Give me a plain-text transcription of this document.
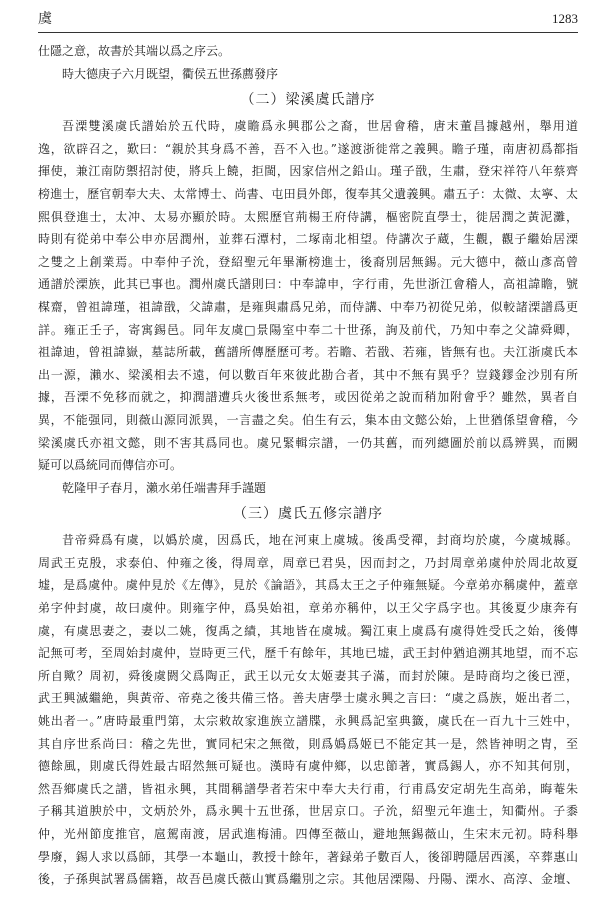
虞	1283
仕隱之意，故書於其端以爲之序云。
時大德庚子六月既望，衢侯五世孫薦發序
（二）梁溪虞氏譜序
吾溧雙溪虞氏譜始於五代時，虞瞻爲永興郡公之裔，世居會稽，唐末董昌據越州，舉用道
逸，欲辟召之，歎曰：“親於其身爲不善，吾不入也。”遂渡浙徙常之義興。瞻子瑾，南唐初爲都指
揮使，兼江南防禦招討使，將兵上饒，拒閩，因家信州之鉛山。瑾子戩，生肅，登宋祥符八年蔡齊
榜進士，歷官朝奉大夫、太常博士、尚書、屯田員外郎，復奉其父遺義興。肅五子：太微、太寧、太
熙俱登進士，太冲、太易亦顯於時。太熙歷官荊楊王府侍講，樞密院直學士，徙居潤之黃泥灘，
時則有從弟中奉公申亦居潤州，並葬石潭村，二塚南北相望。侍講次子蔵，生觀，觀子繼始居溧
之雙之上創業焉。中奉仲子沇，登紹聖元年畢漸榜進士，後裔別居無錫。元大德中，薇山彥高曾
通譜於溧族，此其已事也。潤州虞氏譜則曰：中奉諱申，字行甫，先世浙江會稽人，高祖諱瞻，號
楳齋，曾祖諱瑾，祖諱戩，父諱肅，是雍與肅爲兄弟，而侍講、中奉乃初從兄弟，似較諸溧譜爲更
詳。雍正壬子，寄寓錫邑。同年友虞□景陽室中奉二十世孫，詢及前代，乃知中奉之父諱舜卿，
祖諱迪，曾祖諱嶽，墓誌所載，舊譜所傳歷歷可考。若瞻、若戩、若雍，皆無有也。夫江浙虞氏本
出一源，瀨水、梁溪相去不遠，何以數百年來彼此勘合者，其中不無有異乎？豈錢鏐金沙別有所
據，吾溧不免移而就之，抑潤譜遭兵火後世系無考，或因從弟之說而稍加附會乎？雖然，異者自
異，不能强同，則薇山源同派異，一言盡之矣。伯生有云，集本由文懿公始，上世猶係望會稽，今
梁溪虞氏亦祖文懿，則不害其爲同也。虞兄緊輯宗譜，一仍其舊，而列總圖於前以爲辨異，而闕
疑可以爲統同而傳信亦可。
乾隆甲子春月，瀨水弟任端書拜手謹題
（三）虞氏五修宗譜序
昔帝舜爲有虞，以嬀於虞，因爲氏，地在河東上虞城。後禹受禪，封商均於虞，今虞城縣。
周武王克殷，求泰伯、仲雍之後，得周章，周章已君吳，因而封之，乃封周章弟虞仲於周北故夏
墟，是爲虞仲。虞仲見於《左傳》，見於《論語》，其爲太王之子仲雍無疑。今章弟亦稱虞仲，蓋章
弟字仲封虞，故曰虞仲。則雍字仲，爲吳始祖，章弟亦稱仲，以王父字爲字也。其後夏少康奔有
虞，有虞思妻之，妻以二姚，復禹之績，其地皆在虞城。獨江東上虞爲有虞得姓受氏之始，後傳
記無可考，至周始封虞仲，豈時更三代，歷千有餘年，其地已墟，武王封仲猶追溯其地望，而不忘
所自歟？周初，舜後虞閼父爲陶正，武王以元女太姬妻其子滿，而封於陳。是時商均之後已湮，
武王興滅繼絶，與黃帝、帝堯之後共備三恪。善夫唐學士虞永興之言曰：“虞之爲族，姬出者二，
姚出者一。”唐時最重門第，太宗敕故家進族立譜牒，永興爲記室典籤，虞氏在一百九十三姓中，
其自序世系尚曰：稽之先世，實同杞宋之無徵，則爲嬀爲姬已不能定其一是，然皆神明之胄，至
德餘風，則虞氏得姓最古昭然無可疑也。漢時有虞仲鄉，以忠節著，實爲錫人，亦不知其何別，
然吾鄉虞氏之譜，皆祖永興，其間稱譜學者若宋中奉大夫行甫，行甫爲安定胡先生高弟，晦菴朱
子稱其道腴於中，文炳於外，爲永興十五世孫，世居京口。子沇，紹聖元年進士，知衢州。子黍
仲，光州節度推官，扈駕南渡，居武進梅浦。四傳至薇山，避地無錫薇山，生宋末元初。時科舉
學廢，錫人求以爲師，其學一本龜山，教授十餘年，著録弟子數百人，後卻聘隱居西溪，卒葬惠山
後，子孫與試署爲儒籍，故吾邑虞氏薇山實爲繼別之宗。其他居溧陽、丹陽、溧水、高淳、金壇、
